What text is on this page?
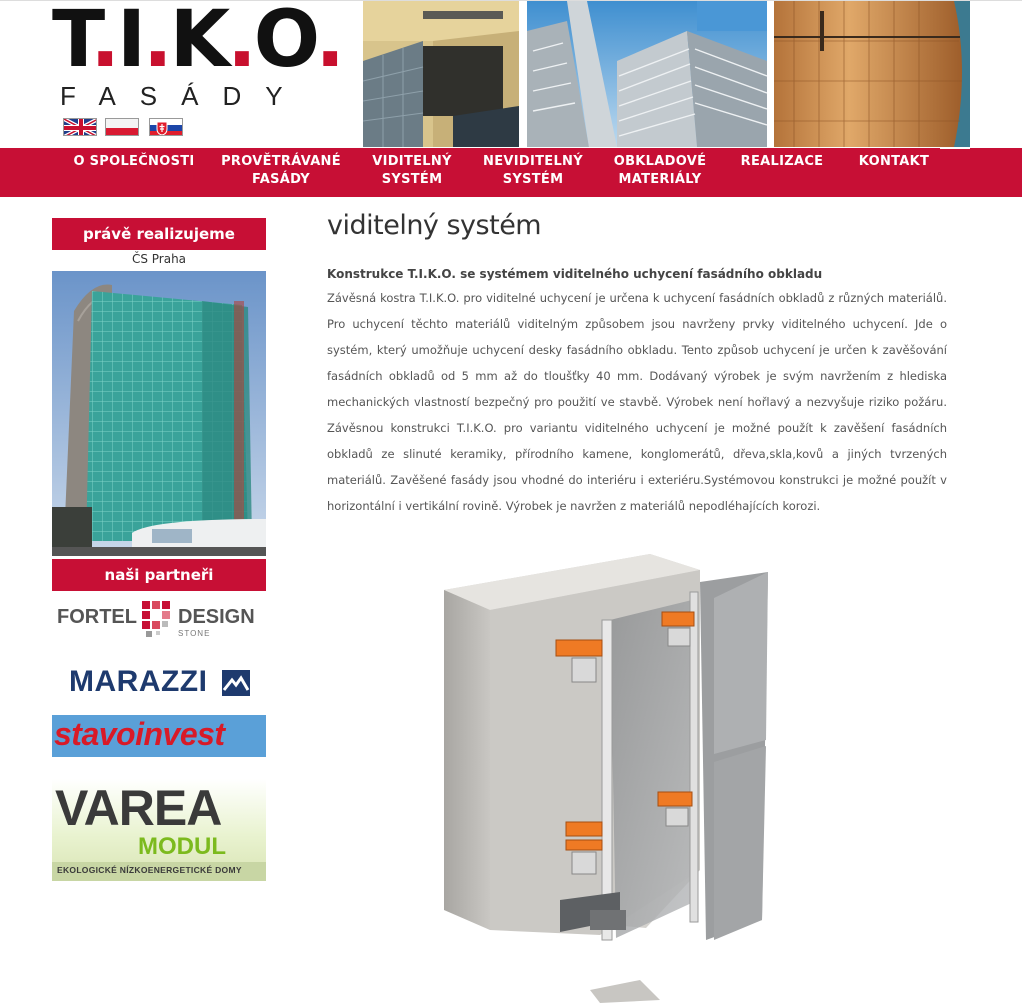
T.I.K.O.
FASÁDY
O SPOLEČNOSTI	PROVĚTRÁVANÉ
FASÁDY
VIDITELNÝ
SYSTÉM
NEVIDITELNÝ
SYSTÉM
OBKLADOVÉ
MATERIÁLY
REALIZACE	KONTAKT
právě realizujeme
ČS Praha
naši partneři
FORTEL DESIGN
STONE
MARAZZI
stavoinvest
VAREA
MODUL
EKOLOGICKÉ NÍZKOENERGETICKÉ DOMY
viditelný systém
Konstrukce T.I.K.O. se systémem viditelného uchycení fasádního obkladu
Závěsná kostra T.I.K.O. pro viditelné uchycení je určena k uchycení fasádních obkladů z různých materiálů. Pro uchycení těchto materiálů viditelným způsobem jsou navrženy prvky viditelného uchycení. Jde o systém, který umožňuje uchycení desky fasádního obkladu. Tento způsob uchycení je určen k zavěšování fasádních obkladů od 5 mm až do tloušťky 40 mm. Dodávaný výrobek je svým navržením z hlediska mechanických vlastností bezpečný pro použití ve stavbě. Výrobek není hořlavý a nezvyšuje riziko požáru. Závěsnou konstrukci T.I.K.O. pro variantu viditelného uchycení je možné použít k zavěšení fasádních obkladů ze slinuté keramiky, přírodního kamene, konglomerátů, dřeva,skla,kovů a jiných tvrzených materiálů. Zavěšené fasády jsou vhodné do interiéru i exteriéru.Systémovou konstrukci je možné použít v horizontální i vertikální rovině. Výrobek je navržen z materiálů nepodléhajících korozi.
